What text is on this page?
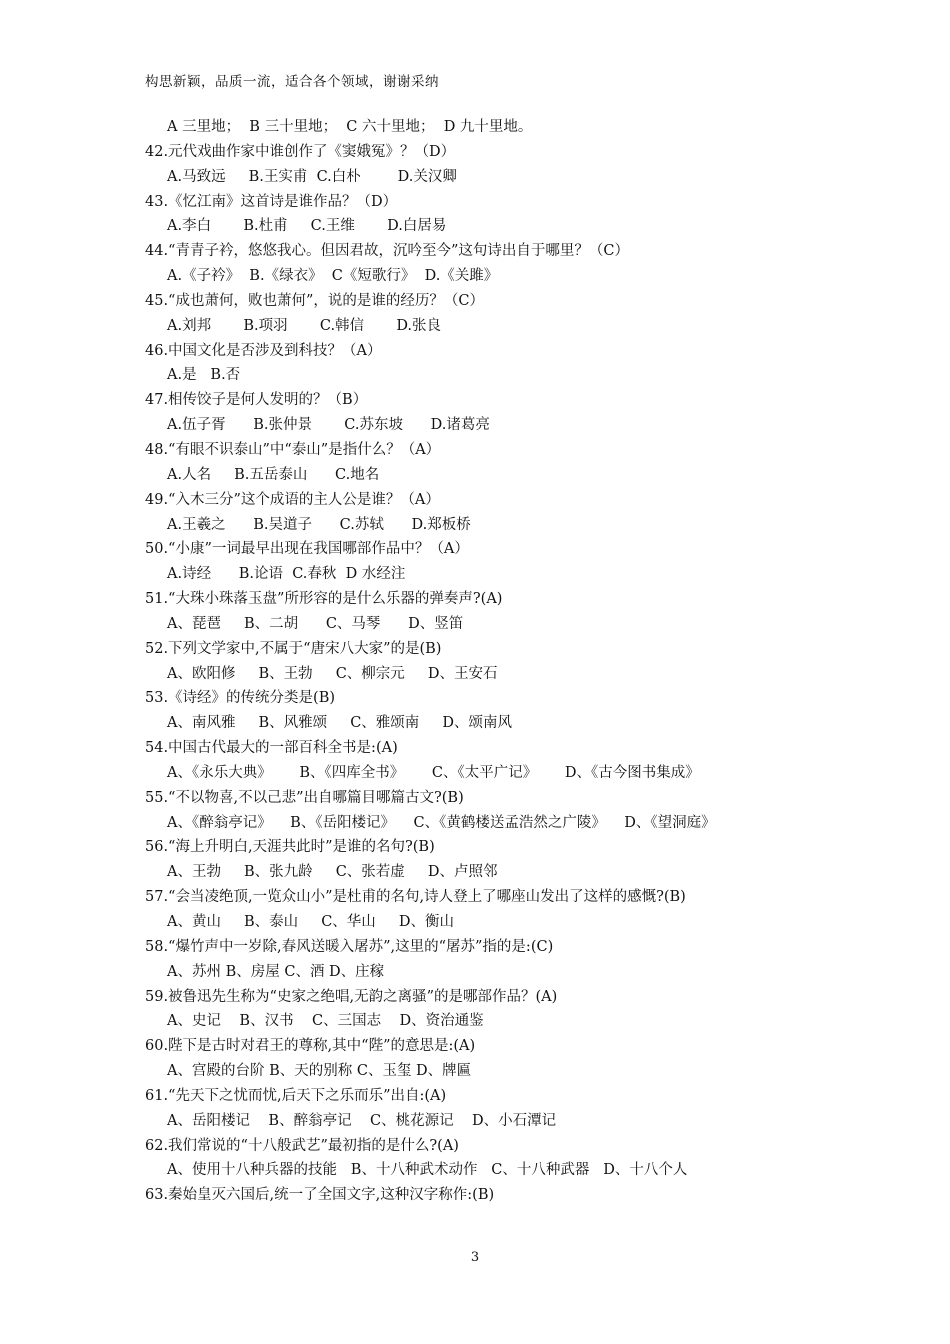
构思新颖，品质一流，适合各个领域，谢谢采纳
A 三里地；  B 三十里地；  C 六十里地；  D 九十里地。
42.元代戏曲作家中谁创作了《窦娥冤》？（D）
A.马致远     B.王实甫  C.白朴        D.关汉卿
43.《忆江南》这首诗是谁作品？（D）
A.李白       B.杜甫     C.王维       D.白居易
44.“青青子衿，悠悠我心。但因君故，沉吟至今”这句诗出自于哪里？（C）
A.《子衿》  B.《绿衣》  C《短歌行》  D.《关雎》
45.“成也萧何，败也萧何”，说的是谁的经历？（C）
A.刘邦       B.项羽       C.韩信       D.张良
46.中国文化是否涉及到科技？（A）
A.是   B.否
47.相传饺子是何人发明的？（B）
A.伍子胥      B.张仲景       C.苏东坡      D.诸葛亮
48.“有眼不识泰山”中“泰山”是指什么？（A）
A.人名     B.五岳泰山      C.地名
49.“入木三分”这个成语的主人公是谁？（A）
A.王羲之      B.吴道子      C.苏轼      D.郑板桥
50.“小康”一词最早出现在我国哪部作品中？（A）
A.诗经      B.论语  C.春秋  D 水经注
51.“大珠小珠落玉盘”所形容的是什么乐器的弹奏声?(A)
A、琵琶     B、二胡      C、马琴      D、竖笛
52.下列文学家中,不属于“唐宋八大家”的是(B)
A、欧阳修     B、王勃     C、柳宗元     D、王安石
53.《诗经》的传统分类是(B)
A、南风雅     B、风雅颂     C、雅颂南     D、颂南风
54.中国古代最大的一部百科全书是:(A)
A、《永乐大典》      B、《四库全书》      C、《太平广记》      D、《古今图书集成》
55.“不以物喜,不以己悲”出自哪篇目哪篇古文?(B)
A、《醉翁亭记》    B、《岳阳楼记》    C、《黄鹤楼送孟浩然之广陵》    D、《望洞庭》
56.“海上升明白,天涯共此时”是谁的名句?(B)
A、王勃     B、张九龄     C、张若虚     D、卢照邻
57.“会当凌绝顶,一览众山小”是杜甫的名句,诗人登上了哪座山发出了这样的感慨?(B)
A、黄山     B、泰山     C、华山     D、衡山
58.“爆竹声中一岁除,春风送暖入屠苏”,这里的“屠苏”指的是:(C)
A、苏州 B、房屋 C、酒 D、庄稼
59.被鲁迅先生称为“史家之绝唱,无韵之离骚”的是哪部作品？(A)
A、史记    B、汉书    C、三国志    D、资治通鉴
60.陛下是古时对君王的尊称,其中“陛”的意思是:(A)
A、宫殿的台阶 B、天的别称 C、玉玺 D、牌匾
61.“先天下之忧而忧,后天下之乐而乐”出自:(A)
A、岳阳楼记    B、醉翁亭记    C、桃花源记    D、小石潭记
62.我们常说的“十八般武艺”最初指的是什么?(A)
A、使用十八种兵器的技能   B、十八种武术动作   C、十八种武器   D、十八个人
63.秦始皇灭六国后,统一了全国文字,这种汉字称作:(B)
3
